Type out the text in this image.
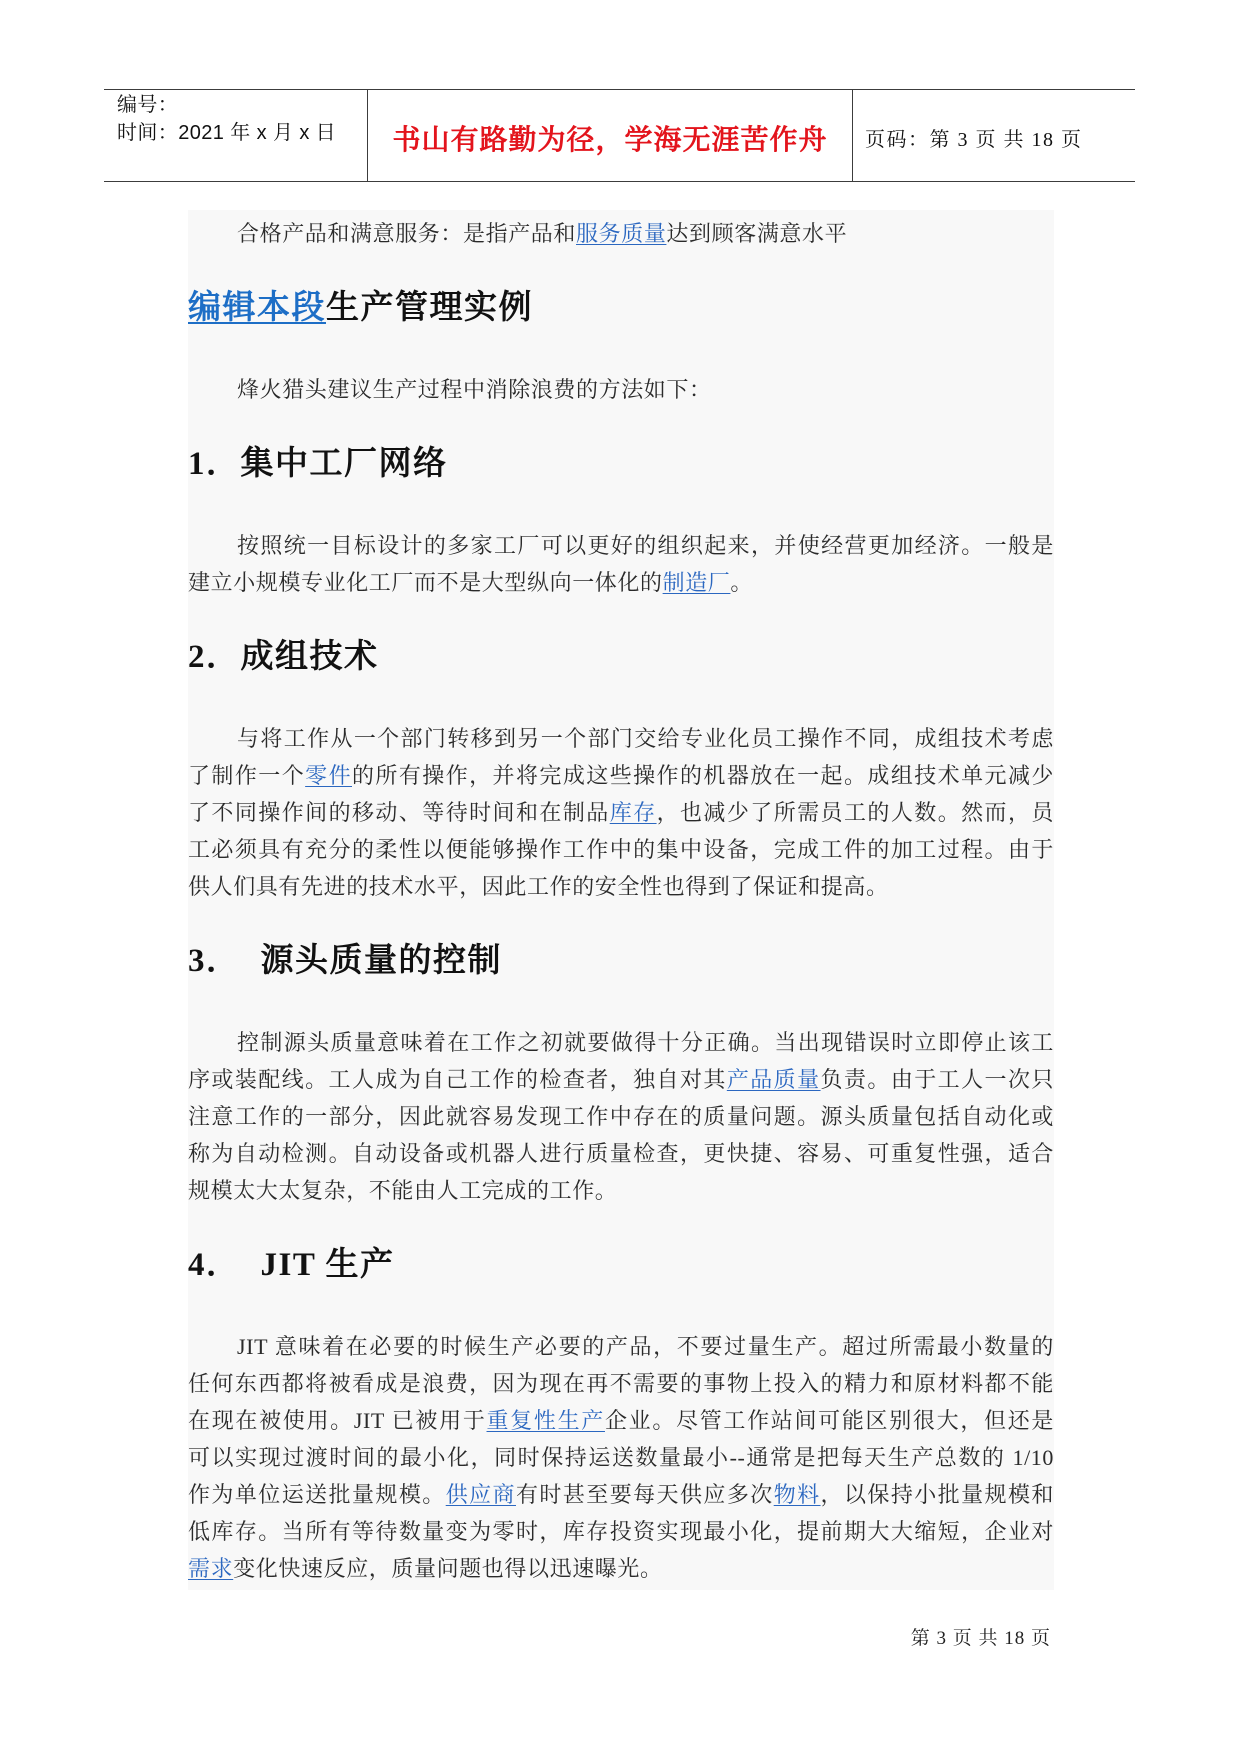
编号：
时间：2021 年 x 月 x 日	书山有路勤为径，学海无涯苦作舟 页码：第 3 页 共 18 页
合格产品和满意服务：是指产品和服务质量达到顾客满意水平
编辑本段生产管理实例
烽火猎头建议生产过程中消除浪费的方法如下：
1．集中工厂网络
按照统一目标设计的多家工厂可以更好的组织起来，并使经营更加经济。一般是
建立小规模专业化工厂而不是大型纵向一体化的制造厂。
2．成组技术
与将工作从一个部门转移到另一个部门交给专业化员工操作不同，成组技术考虑
了制作一个零件的所有操作，并将完成这些操作的机器放在一起。成组技术单元减少
了不同操作间的移动、等待时间和在制品库存，也减少了所需员工的人数。然而，员
工必须具有充分的柔性以便能够操作工作中的集中设备，完成工件的加工过程。由于
供人们具有先进的技术水平，因此工作的安全性也得到了保证和提高。
3． 源头质量的控制
控制源头质量意味着在工作之初就要做得十分正确。当出现错误时立即停止该工
序或装配线。工人成为自己工作的检查者，独自对其产品质量负责。由于工人一次只
注意工作的一部分，因此就容易发现工作中存在的质量问题。源头质量包括自动化或
称为自动检测。自动设备或机器人进行质量检查，更快捷、容易、可重复性强，适合
规模太大太复杂，不能由人工完成的工作。
4． JIT 生产
JIT 意味着在必要的时候生产必要的产品，不要过量生产。超过所需最小数量的
任何东西都将被看成是浪费，因为现在再不需要的事物上投入的精力和原材料都不能
在现在被使用。JIT 已被用于重复性生产企业。尽管工作站间可能区别很大，但还是
可以实现过渡时间的最小化，同时保持运送数量最小--通常是把每天生产总数的 1/10
作为单位运送批量规模。供应商有时甚至要每天供应多次物料，以保持小批量规模和
低库存。当所有等待数量变为零时，库存投资实现最小化，提前期大大缩短，企业对
需求变化快速反应，质量问题也得以迅速曝光。
第 3 页 共 18 页
